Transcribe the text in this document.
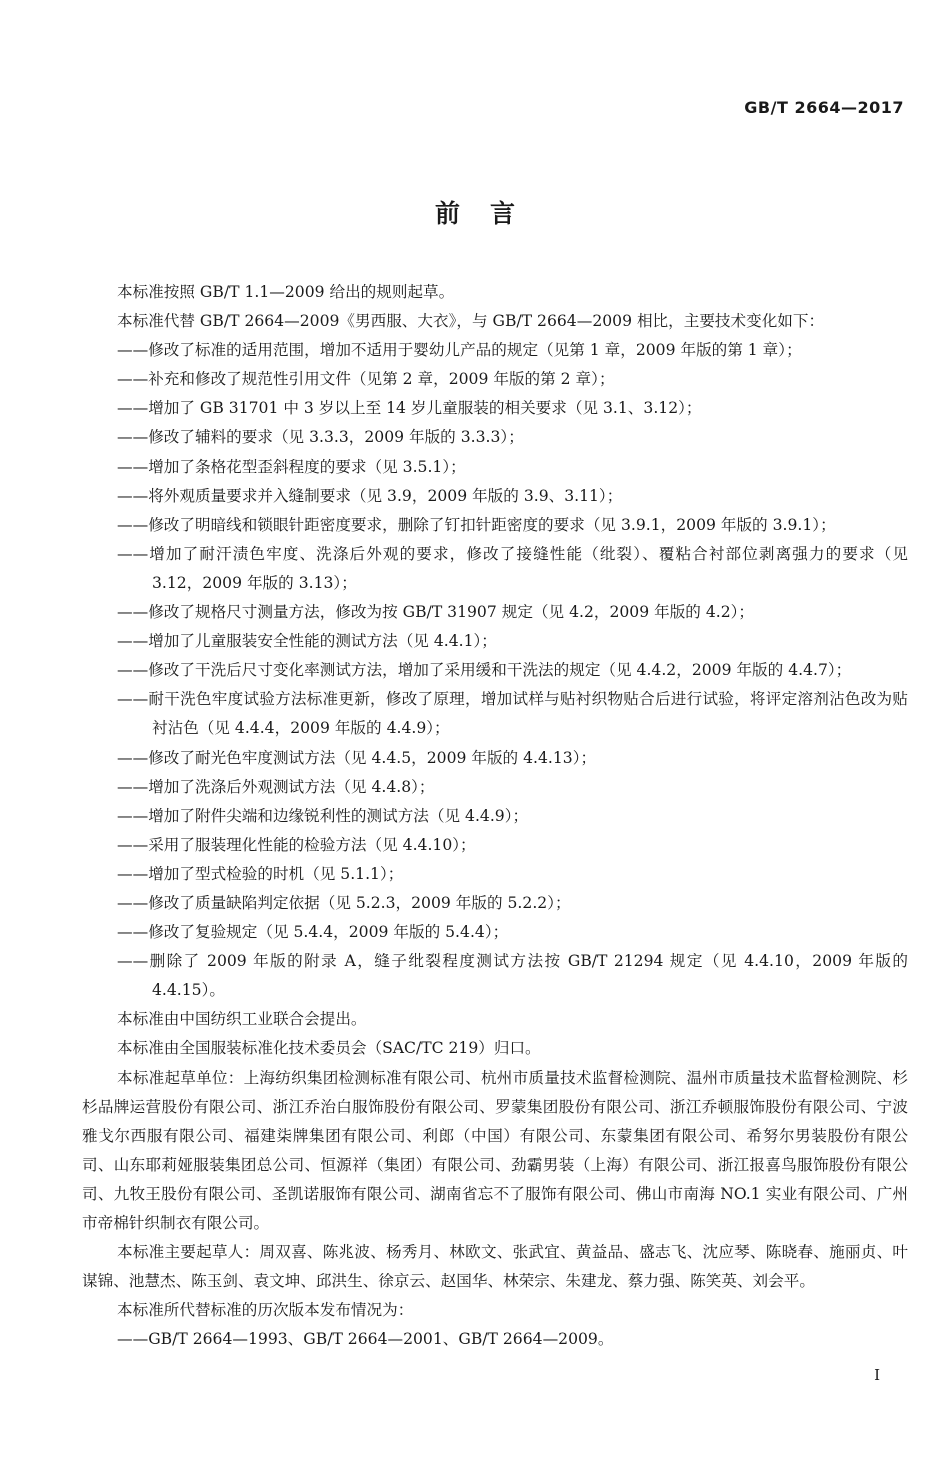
GB/T 2664—2017
前言

本标准按照 GB/T 1.1—2009 给出的规则起草。

本标准代替 GB/T 2664—2009《男西服、大衣》，与 GB/T 2664—2009 相比，主要技术变化如下：

——修改了标准的适用范围，增加不适用于婴幼儿产品的规定（见第 1 章，2009 年版的第 1 章）；

——补充和修改了规范性引用文件（见第 2 章，2009 年版的第 2 章）；

——增加了 GB 31701 中 3 岁以上至 14 岁儿童服装的相关要求（见 3.1、3.12）；

——修改了辅料的要求（见 3.3.3，2009 年版的 3.3.3）；

——增加了条格花型歪斜程度的要求（见 3.5.1）；

——将外观质量要求并入缝制要求（见 3.9，2009 年版的 3.9、3.11）；

——修改了明暗线和锁眼针距密度要求，删除了钉扣针距密度的要求（见 3.9.1，2009 年版的 3.9.1）；

——增加了耐汗渍色牢度、洗涤后外观的要求，修改了接缝性能（纰裂）、覆粘合衬部位剥离强力的要求（见 3.12，2009 年版的 3.13）；

——修改了规格尺寸测量方法，修改为按 GB/T 31907 规定（见 4.2，2009 年版的 4.2）；

——增加了儿童服装安全性能的测试方法（见 4.4.1）；

——修改了干洗后尺寸变化率测试方法，增加了采用缓和干洗法的规定（见 4.4.2，2009 年版的 4.4.7）；

——耐干洗色牢度试验方法标准更新，修改了原理，增加试样与贴衬织物贴合后进行试验，将评定溶剂沾色改为贴衬沾色（见 4.4.4，2009 年版的 4.4.9）；

——修改了耐光色牢度测试方法（见 4.4.5，2009 年版的 4.4.13）；

——增加了洗涤后外观测试方法（见 4.4.8）；

——增加了附件尖端和边缘锐利性的测试方法（见 4.4.9）；

——采用了服装理化性能的检验方法（见 4.4.10）；

——增加了型式检验的时机（见 5.1.1）；

——修改了质量缺陷判定依据（见 5.2.3，2009 年版的 5.2.2）；

——修改了复验规定（见 5.4.4，2009 年版的 5.4.4）；

——删除了 2009 年版的附录 A，缝子纰裂程度测试方法按 GB/T 21294 规定（见 4.4.10，2009 年版的 4.4.15）。

本标准由中国纺织工业联合会提出。

本标准由全国服装标准化技术委员会（SAC/TC 219）归口。

本标准起草单位：上海纺织集团检测标准有限公司、杭州市质量技术监督检测院、温州市质量技术监督检测院、杉杉品牌运营股份有限公司、浙江乔治白服饰股份有限公司、罗蒙集团股份有限公司、浙江乔顿服饰股份有限公司、宁波雅戈尔西服有限公司、福建柒牌集团有限公司、利郎（中国）有限公司、东蒙集团有限公司、希努尔男装股份有限公司、山东耶莉娅服装集团总公司、恒源祥（集团）有限公司、劲霸男装（上海）有限公司、浙江报喜鸟服饰股份有限公司、九牧王股份有限公司、圣凯诺服饰有限公司、湖南省忘不了服饰有限公司、佛山市南海 NO.1 实业有限公司、广州市帝棉针织制衣有限公司。

本标准主要起草人：周双喜、陈兆波、杨秀月、林欧文、张武宜、黄益品、盛志飞、沈应琴、陈晓春、施丽贞、叶谋锦、池慧杰、陈玉剑、袁文坤、邱洪生、徐京云、赵国华、林荣宗、朱建龙、蔡力强、陈笑英、刘会平。

本标准所代替标准的历次版本发布情况为：

——GB/T 2664—1993、GB/T 2664—2001、GB/T 2664—2009。

I
